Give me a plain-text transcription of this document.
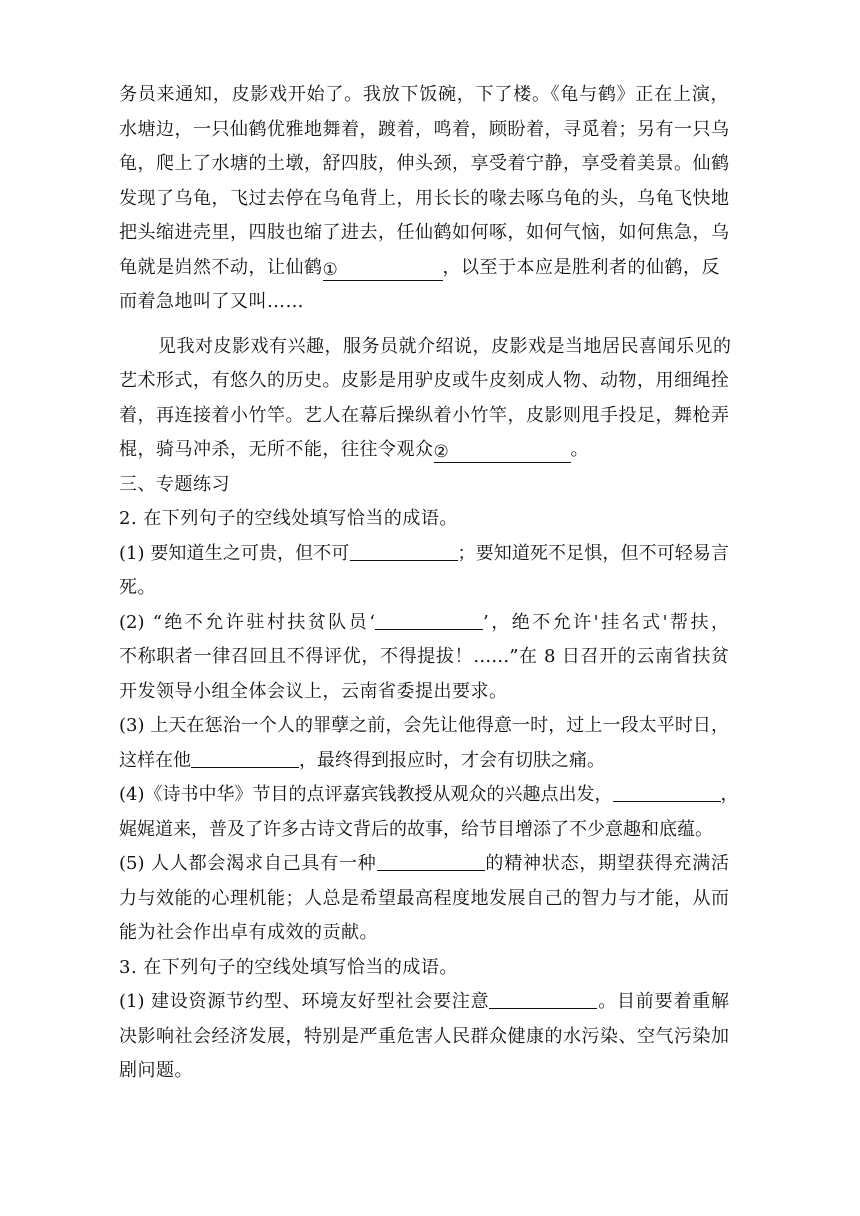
务员来通知，皮影戏开始了。我放下饭碗，下了楼。《龟与鹤》正在上演，
水塘边，一只仙鹤优雅地舞着，踱着，鸣着，顾盼着，寻觅着；另有一只乌
龟，爬上了水塘的土墩，舒四肢，伸头颈，享受着宁静，享受着美景。仙鹤
发现了乌龟，飞过去停在乌龟背上，用长长的喙去啄乌龟的头，乌龟飞快地
把头缩进壳里，四肢也缩了进去，任仙鹤如何啄，如何气恼，如何焦急，乌
龟就是岿然不动，让仙鹤①	，以至于本应是胜利者的仙鹤，反
而着急地叫了又叫……
见我对皮影戏有兴趣，服务员就介绍说，皮影戏是当地居民喜闻乐见的
艺术形式，有悠久的历史。皮影是用驴皮或牛皮刻成人物、动物，用细绳拴
着，再连接着小竹竿。艺人在幕后操纵着小竹竿，皮影则甩手投足，舞枪弄
棍，骑马冲杀，无所不能，往往令观众②	。
三、专题练习
2. 在下列句子的空线处填写恰当的成语。
(1) 要知道生之可贵，但不可	；要知道死不足惧，但不可轻易言
死。
(2) “绝不允许驻村扶贫队员‘	’，绝不允许'挂名式'帮扶，
不称职者一律召回且不得评优，不得提拔！……”在 8 日召开的云南省扶贫
开发领导小组全体会议上，云南省委提出要求。
(3) 上天在惩治一个人的罪孽之前，会先让他得意一时，过上一段太平时日，
这样在他	，最终得到报应时，才会有切肤之痛。
(4)《诗书中华》节目的点评嘉宾钱教授从观众的兴趣点出发，	，
娓娓道来，普及了许多古诗文背后的故事，给节目增添了不少意趣和底蕴。
(5) 人人都会渴求自己具有一种	的精神状态，期望获得充满活
力与效能的心理机能；人总是希望最高程度地发展自己的智力与才能，从而
能为社会作出卓有成效的贡献。
3. 在下列句子的空线处填写恰当的成语。
(1) 建设资源节约型、环境友好型社会要注意	。目前要着重解
决影响社会经济发展，特别是严重危害人民群众健康的水污染、空气污染加
剧问题。
